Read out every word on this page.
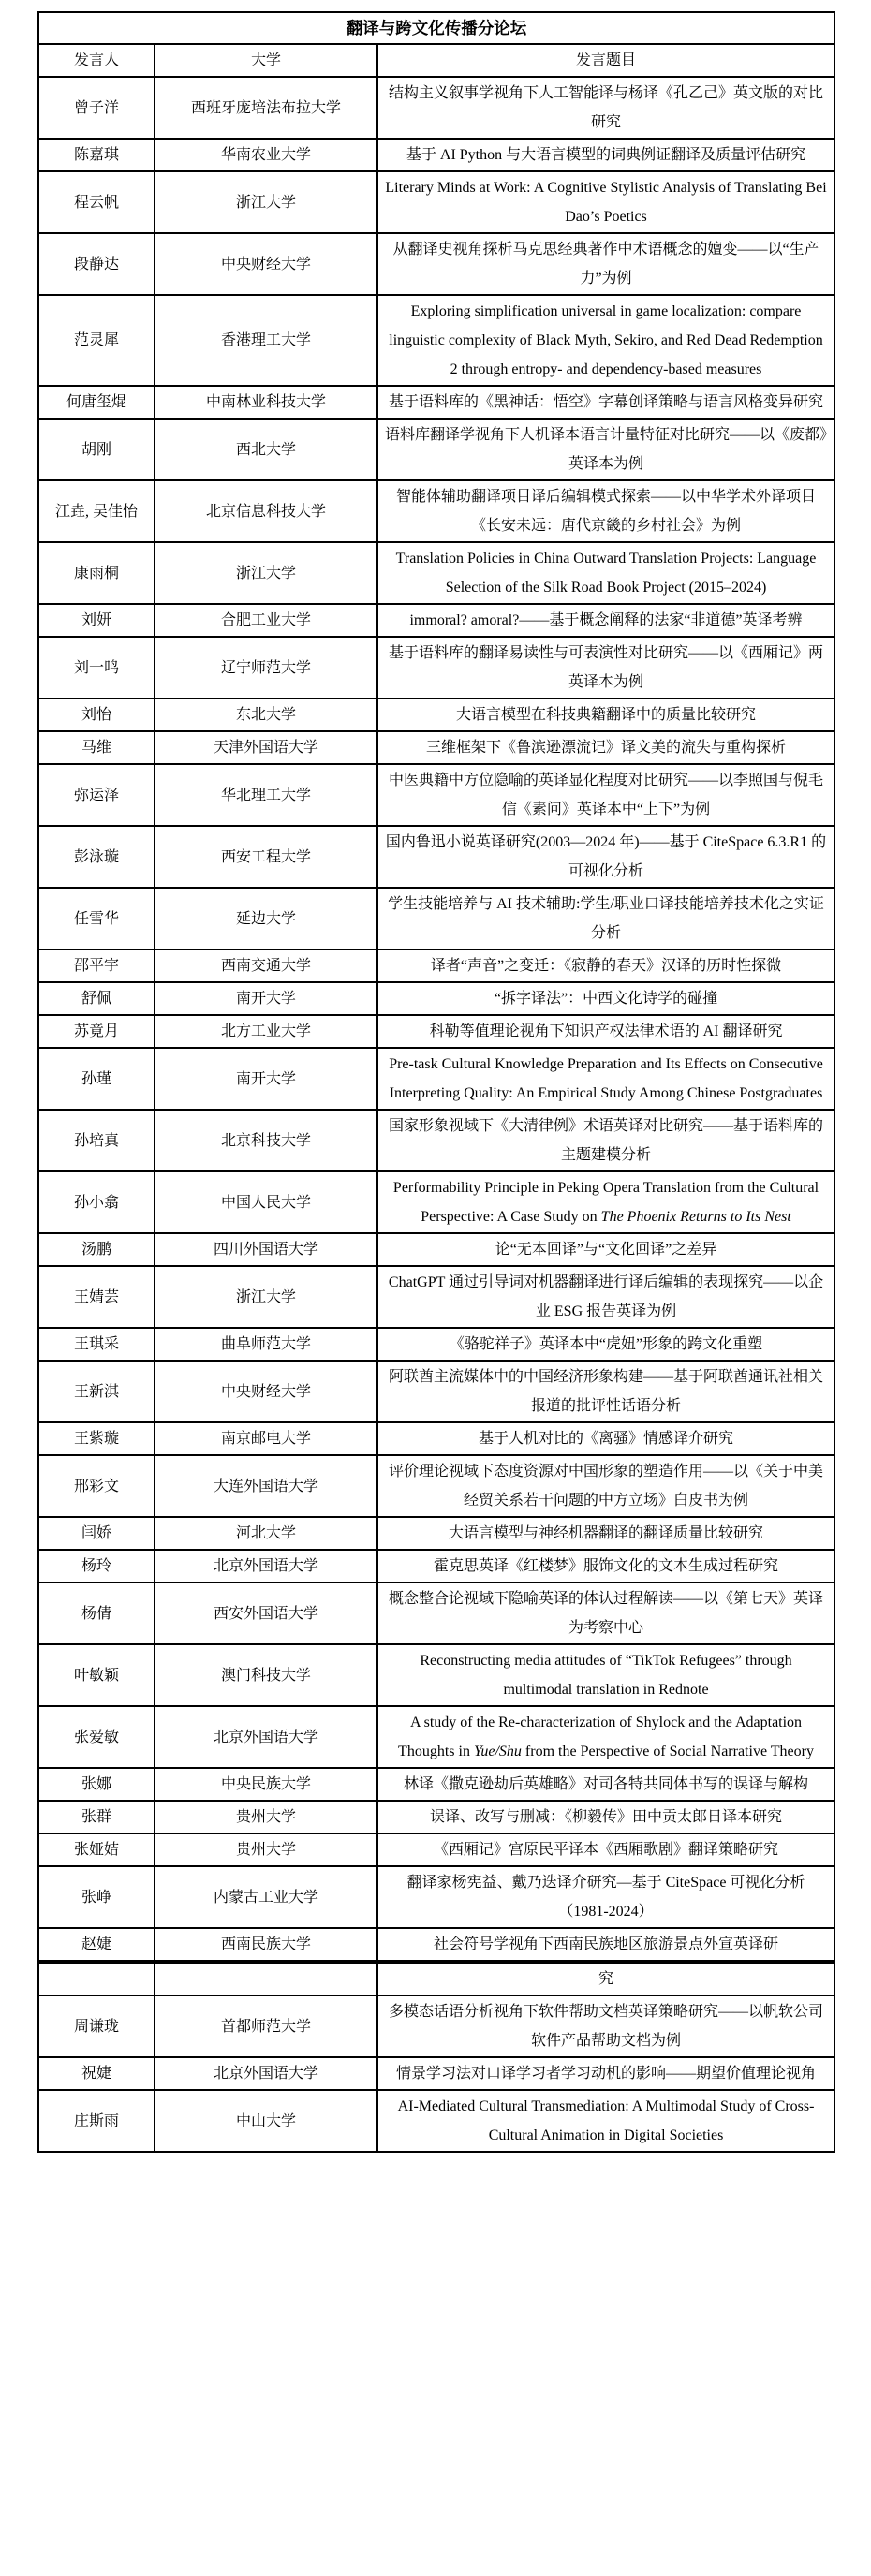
翻译与跨文化传播分论坛		
发言人	大学	发言题目
曾子洋	西班牙庞培法布拉大学	结构主义叙事学视角下人工智能译与杨译《孔乙己》英文版的对比研究
陈嘉琪	华南农业大学	基于 AI Python 与大语言模型的词典例证翻译及质量评估研究
程云帆	浙江大学	Literary Minds at Work: A Cognitive Stylistic Analysis of Translating Bei Dao’s Poetics
段静达	中央财经大学	从翻译史视角探析马克思经典著作中术语概念的嬗变——以“生产力”为例
范灵犀	香港理工大学	Exploring simplification universal in game localization: compare linguistic complexity of Black Myth, Sekiro, and Red Dead Redemption 2 through entropy- and dependency-based measures
何唐玺焜	中南林业科技大学	基于语料库的《黑神话：悟空》字幕创译策略与语言风格变异研究
胡刚	西北大学	语料库翻译学视角下人机译本语言计量特征对比研究——以《废都》英译本为例
江垚, 吴佳怡	北京信息科技大学	智能体辅助翻译项目译后编辑模式探索——以中华学术外译项目《长安未远：唐代京畿的乡村社会》为例
康雨桐	浙江大学	Translation Policies in China Outward Translation Projects: Language Selection of the Silk Road Book Project (2015–2024)
刘妍	合肥工业大学	immoral? amoral?——基于概念阐释的法家“非道德”英译考辨
刘一鸣	辽宁师范大学	基于语料库的翻译易读性与可表演性对比研究——以《西厢记》两英译本为例
刘怡	东北大学	大语言模型在科技典籍翻译中的质量比较研究
马维	天津外国语大学	三维框架下《鲁滨逊漂流记》译文美的流失与重构探析
弥运泽	华北理工大学	中医典籍中方位隐喻的英译显化程度对比研究——以李照国与倪毛信《素问》英译本中“上下”为例
彭泳璇	西安工程大学	国内鲁迅小说英译研究(2003—2024 年)——基于 CiteSpace 6.3.R1 的可视化分析
任雪华	延边大学	学生技能培养与 AI 技术辅助:学生/职业口译技能培养技术化之实证分析
邵平宇	西南交通大学	译者“声音”之变迁：《寂静的春天》汉译的历时性探微
舒佩	南开大学	“拆字译法”：中西文化诗学的碰撞
苏竟月	北方工业大学	科勒等值理论视角下知识产权法律术语的 AI 翻译研究
孙瑾	南开大学	Pre-task Cultural Knowledge Preparation and Its Effects on Consecutive Interpreting Quality: An Empirical Study Among Chinese Postgraduates
孙培真	北京科技大学	国家形象视域下《大清律例》术语英译对比研究——基于语料库的主题建模分析
孙小翕	中国人民大学	Performability Principle in Peking Opera Translation from the Cultural Perspective: A Case Study on The Phoenix Returns to Its Nest
汤鹏	四川外国语大学	论“无本回译”与“文化回译”之差异
王婧芸	浙江大学	ChatGPT 通过引导词对机器翻译进行译后编辑的表现探究——以企业 ESG 报告英译为例
王琪采	曲阜师范大学	《骆驼祥子》英译本中“虎妞”形象的跨文化重塑
王新淇	中央财经大学	阿联酋主流媒体中的中国经济形象构建——基于阿联酋通讯社相关报道的批评性话语分析
王紫璇	南京邮电大学	基于人机对比的《离骚》情感译介研究
邢彩文	大连外国语大学	评价理论视域下态度资源对中国形象的塑造作用——以《关于中美经贸关系若干问题的中方立场》白皮书为例
闫娇	河北大学	大语言模型与神经机器翻译的翻译质量比较研究
杨玲	北京外国语大学	霍克思英译《红楼梦》服饰文化的文本生成过程研究
杨倩	西安外国语大学	概念整合论视域下隐喻英译的体认过程解读——以《第七天》英译为考察中心
叶敏颖	澳门科技大学	Reconstructing media attitudes of “TikTok Refugees” through multimodal translation in Rednote
张爱敏	北京外国语大学	A study of the Re-characterization of Shylock and the Adaptation Thoughts in Yue/Shu from the Perspective of Social Narrative Theory
张娜	中央民族大学	林译《撒克逊劫后英雄略》对司各特共同体书写的误译与解构
张群	贵州大学	误译、改写与删减：《柳毅传》田中贡太郎日译本研究
张娅姞	贵州大学	《西厢记》宫原民平译本《西厢歌剧》翻译策略研究
张峥	内蒙古工业大学	翻译家杨宪益、戴乃迭译介研究—基于 CiteSpace 可视化分析（1981-2024）
赵婕	西南民族大学	社会符号学视角下西南民族地区旅游景点外宣英译研
		究
周谦珑	首都师范大学	多模态话语分析视角下软件帮助文档英译策略研究——以帆软公司软件产品帮助文档为例
祝婕	北京外国语大学	情景学习法对口译学习者学习动机的影响——期望价值理论视角
庄斯雨	中山大学	AI-Mediated Cultural Transmediation: A Multimodal Study of Cross-Cultural Animation in Digital Societies
